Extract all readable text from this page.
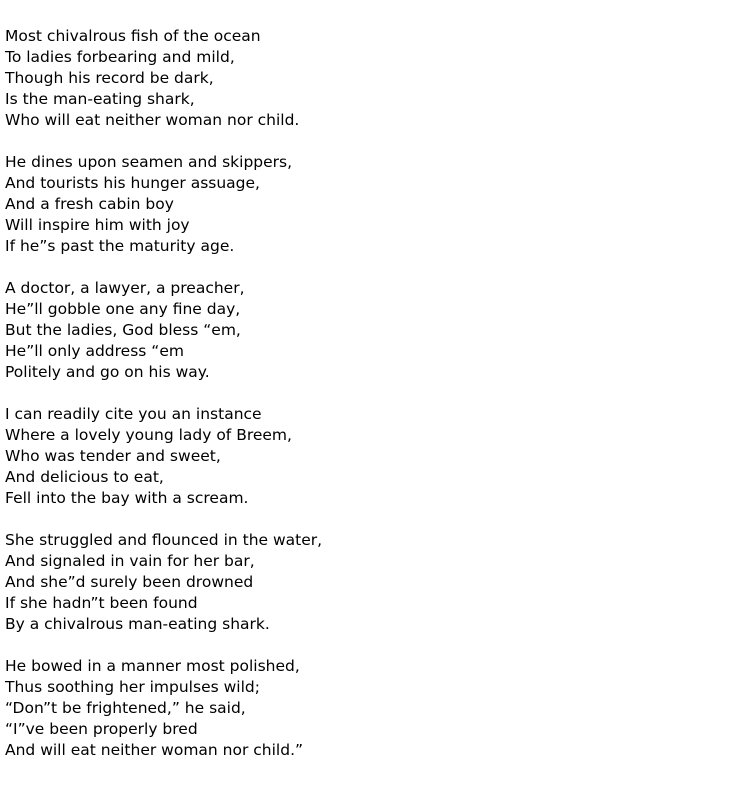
Most chivalrous fish of the ocean
To ladies forbearing and mild,
Though his record be dark,
Is the man-eating shark,
Who will eat neither woman nor child.
He dines upon seamen and skippers,
And tourists his hunger assuage,
And a fresh cabin boy
Will inspire him with joy
If he”s past the maturity age.
A doctor, a lawyer, a preacher,
He”ll gobble one any fine day,
But the ladies, God bless “em,
He”ll only address “em
Politely and go on his way.
I can readily cite you an instance
Where a lovely young lady of Breem,
Who was tender and sweet,
And delicious to eat,
Fell into the bay with a scream.
She struggled and flounced in the water,
And signaled in vain for her bar,
And she”d surely been drowned
If she hadn”t been found
By a chivalrous man-eating shark.
He bowed in a manner most polished,
Thus soothing her impulses wild;
“Don”t be frightened,” he said,
“I”ve been properly bred
And will eat neither woman nor child.”
